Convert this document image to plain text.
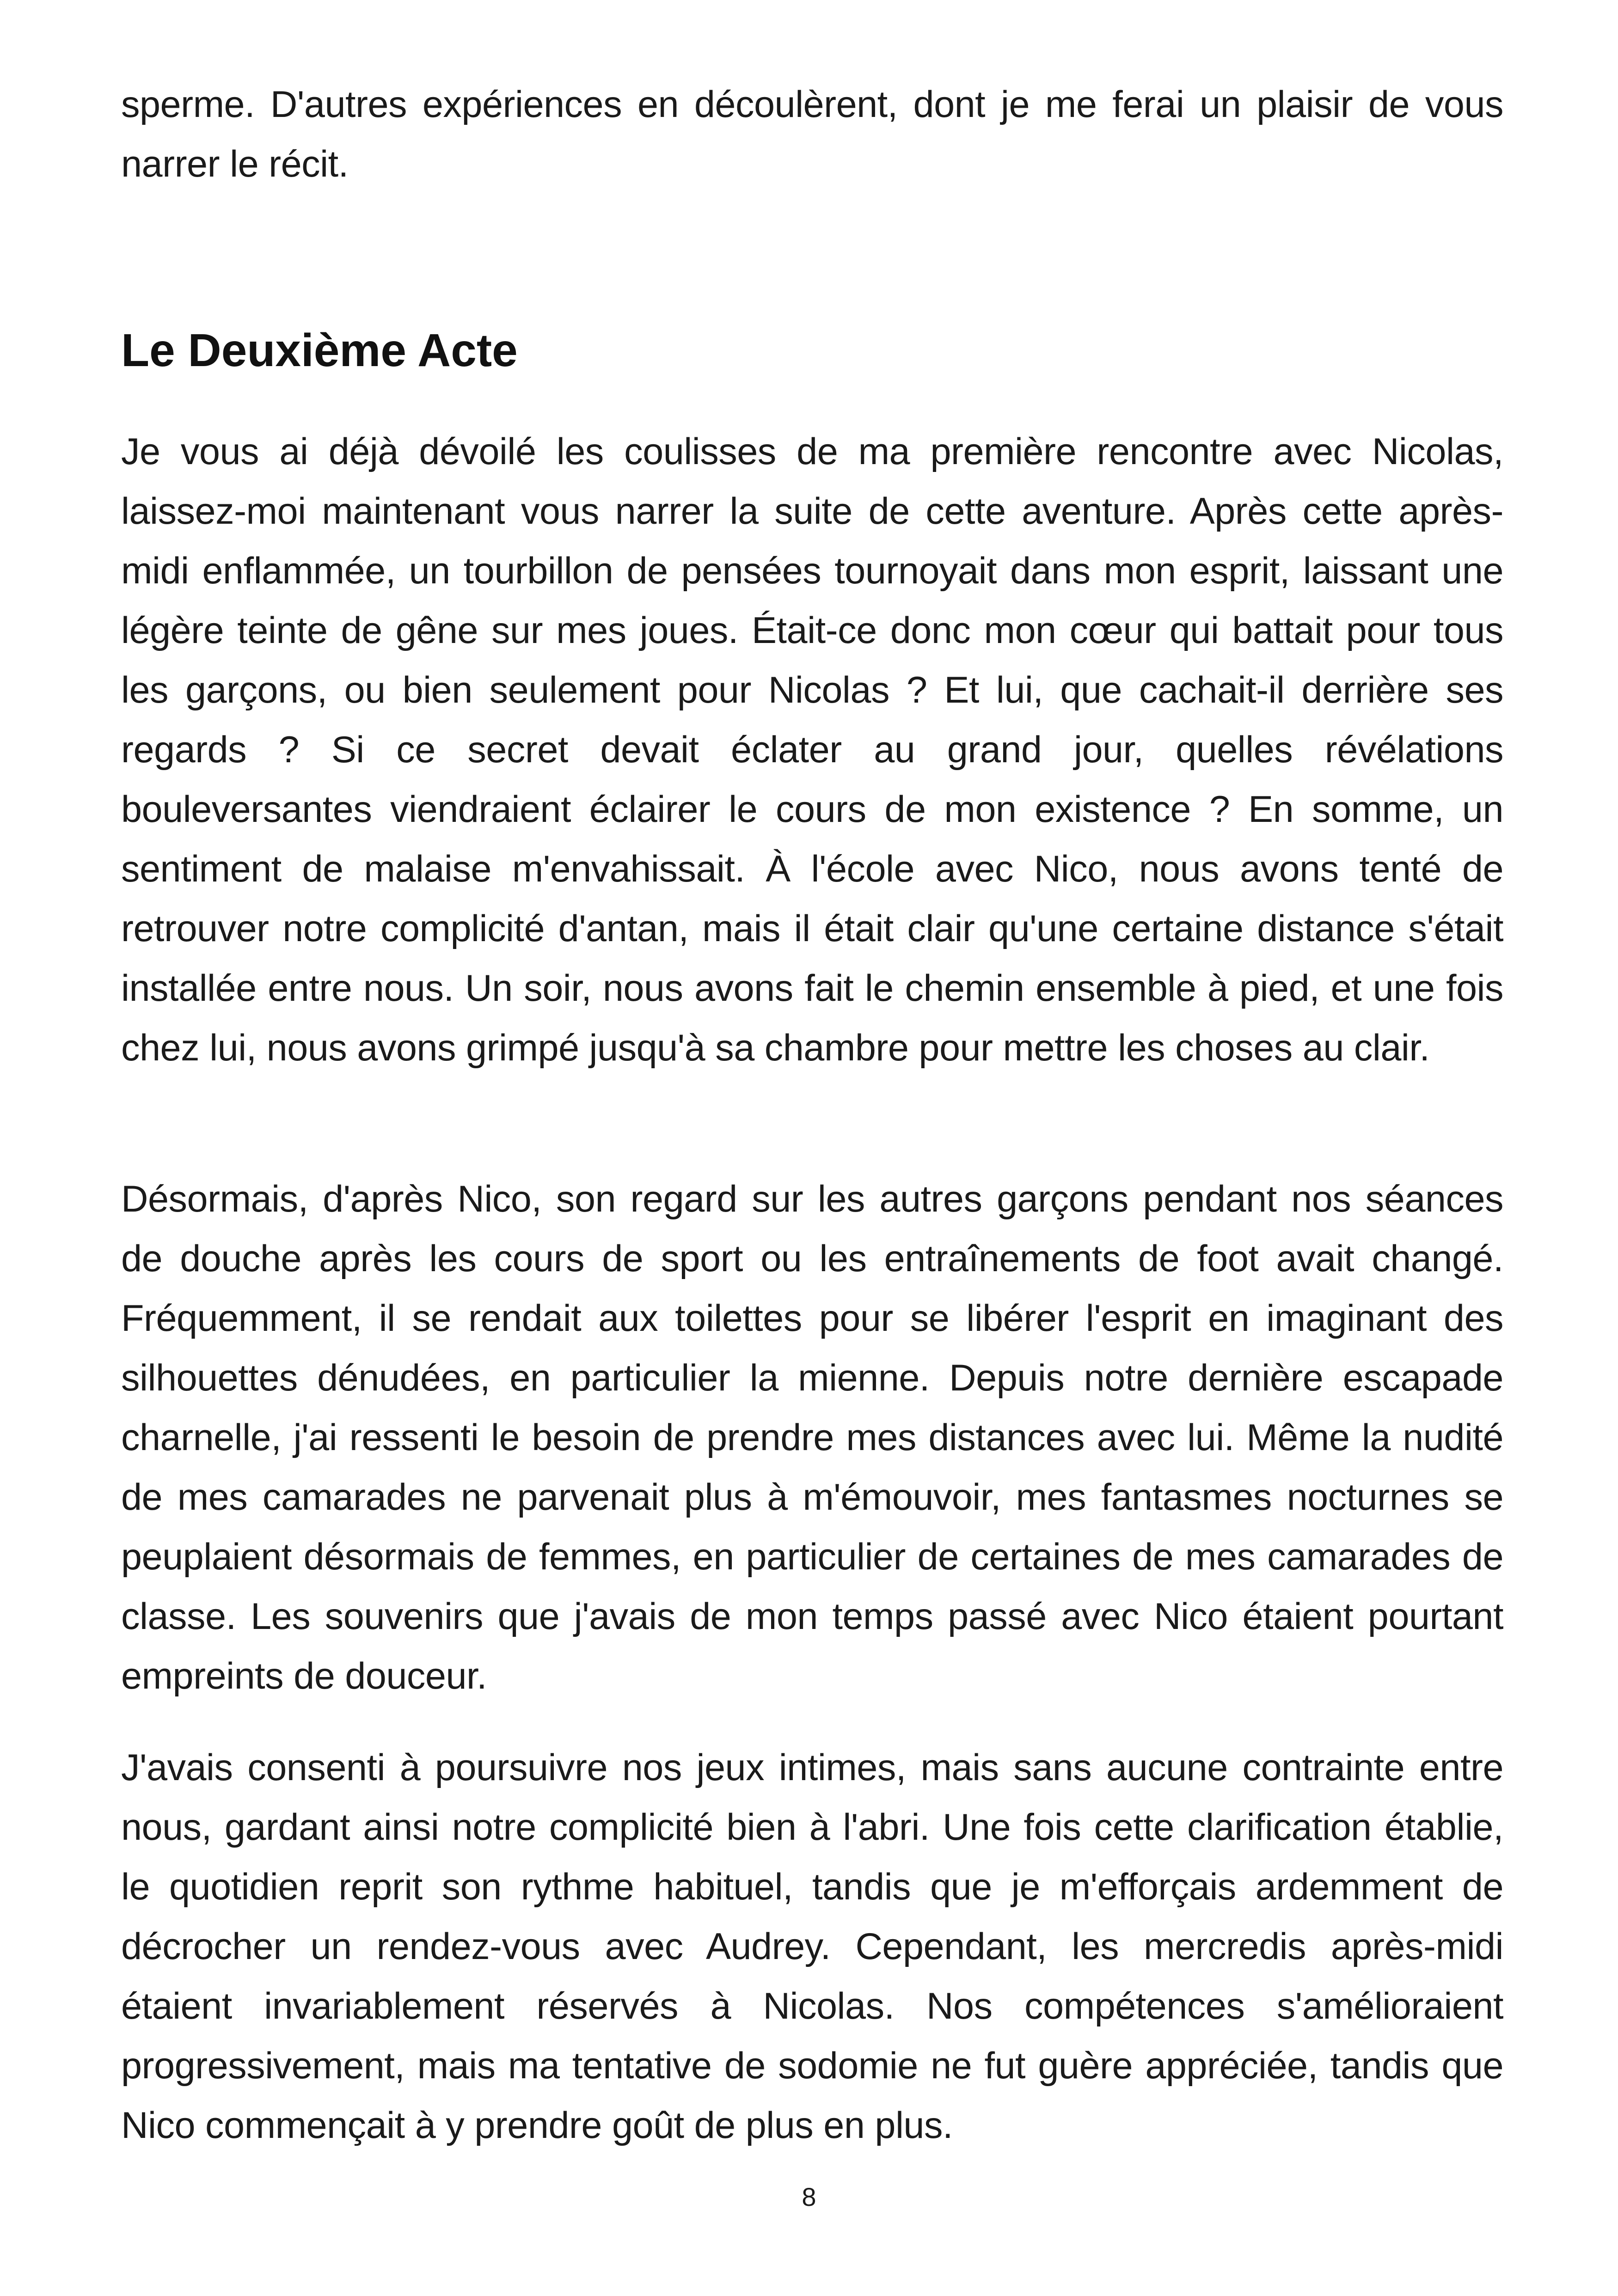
sperme. D'autres expériences en découlèrent, dont je me ferai un plaisir de vous narrer le récit.

Le Deuxième Acte

Je vous ai déjà dévoilé les coulisses de ma première rencontre avec Nicolas, laissez-moi maintenant vous narrer la suite de cette aventure. Après cette après-midi enflammée, un tourbillon de pensées tournoyait dans mon esprit, laissant une légère teinte de gêne sur mes joues. Était-ce donc mon cœur qui battait pour tous les garçons, ou bien seulement pour Nicolas ? Et lui, que cachait-il derrière ses regards ? Si ce secret devait éclater au grand jour, quelles révélations bouleversantes viendraient éclairer le cours de mon existence ? En somme, un sentiment de malaise m'envahissait. À l'école avec Nico, nous avons tenté de retrouver notre complicité d'antan, mais il était clair qu'une certaine distance s'était installée entre nous. Un soir, nous avons fait le chemin ensemble à pied, et une fois chez lui, nous avons grimpé jusqu'à sa chambre pour mettre les choses au clair.

Désormais, d'après Nico, son regard sur les autres garçons pendant nos séances de douche après les cours de sport ou les entraînements de foot avait changé. Fréquemment, il se rendait aux toilettes pour se libérer l'esprit en imaginant des silhouettes dénudées, en particulier la mienne. Depuis notre dernière escapade charnelle, j'ai ressenti le besoin de prendre mes distances avec lui. Même la nudité de mes camarades ne parvenait plus à m'émouvoir, mes fantasmes nocturnes se peuplaient désormais de femmes, en particulier de certaines de mes camarades de classe. Les souvenirs que j'avais de mon temps passé avec Nico étaient pourtant empreints de douceur.

J'avais consenti à poursuivre nos jeux intimes, mais sans aucune contrainte entre nous, gardant ainsi notre complicité bien à l'abri. Une fois cette clarification établie, le quotidien reprit son rythme habituel, tandis que je m'efforçais ardemment de décrocher un rendez-vous avec Audrey. Cependant, les mercredis après-midi étaient invariablement réservés à Nicolas. Nos compétences s'amélioraient progressivement, mais ma tentative de sodomie ne fut guère appréciée, tandis que Nico commençait à y prendre goût de plus en plus.

8
